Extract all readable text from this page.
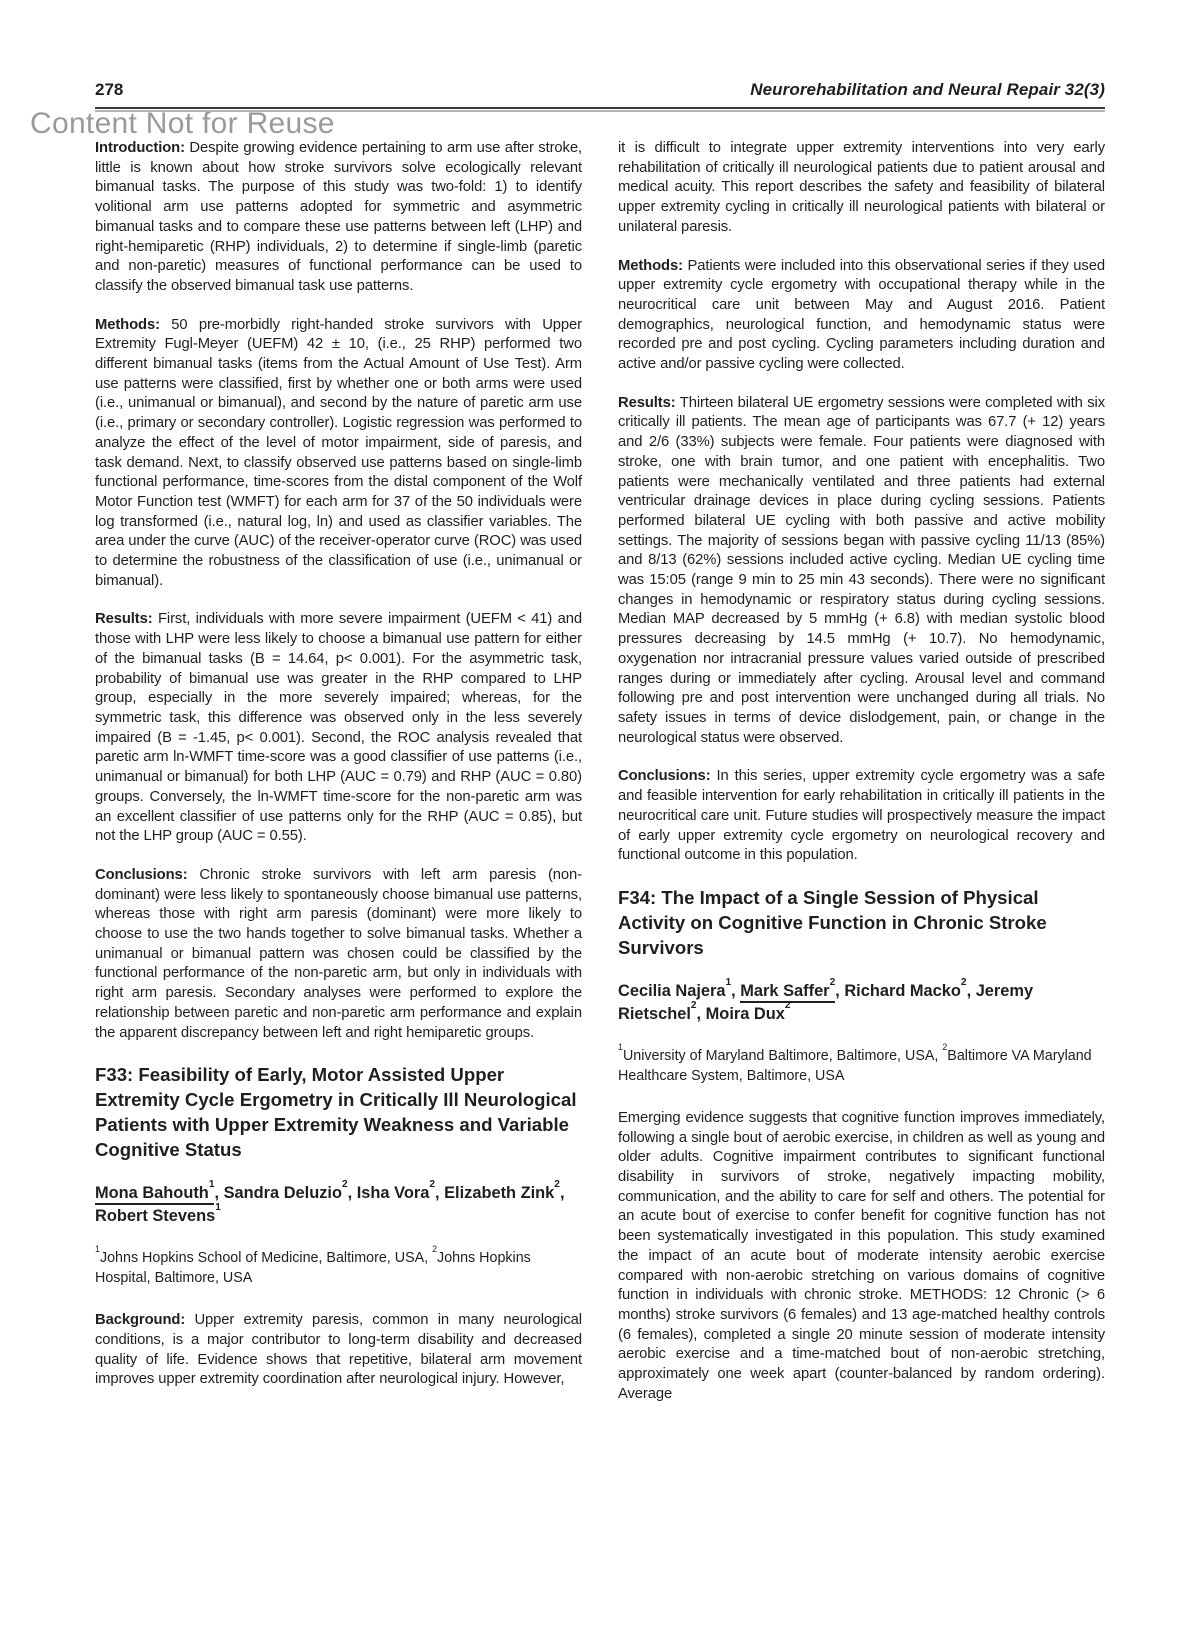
Content Not for Reuse
278	Neurorehabilitation and Neural Repair 32(3)

Introduction: Despite growing evidence pertaining to arm use after stroke, little is known about how stroke survivors solve ecologically relevant bimanual tasks. The purpose of this study was two-fold: 1) to identify volitional arm use patterns adopted for symmetric and asymmetric bimanual tasks and to compare these use patterns between left (LHP) and right-hemiparetic (RHP) individuals, 2) to determine if single-limb (paretic and non-paretic) measures of functional performance can be used to classify the observed bimanual task use patterns.

Methods: 50 pre-morbidly right-handed stroke survivors with Upper Extremity Fugl-Meyer (UEFM) 42 ± 10, (i.e., 25 RHP) performed two different bimanual tasks (items from the Actual Amount of Use Test). Arm use patterns were classified, first by whether one or both arms were used (i.e., unimanual or bimanual), and second by the nature of paretic arm use (i.e., primary or secondary controller). Logistic regression was performed to analyze the effect of the level of motor impairment, side of paresis, and task demand. Next, to classify observed use patterns based on single-limb functional performance, time-scores from the distal component of the Wolf Motor Function test (WMFT) for each arm for 37 of the 50 individuals were log transformed (i.e., natural log, ln) and used as classifier variables. The area under the curve (AUC) of the receiver-operator curve (ROC) was used to determine the robustness of the classification of use (i.e., unimanual or bimanual).

Results: First, individuals with more severe impairment (UEFM < 41) and those with LHP were less likely to choose a bimanual use pattern for either of the bimanual tasks (B = 14.64, p< 0.001). For the asymmetric task, probability of bimanual use was greater in the RHP compared to LHP group, especially in the more severely impaired; whereas, for the symmetric task, this difference was observed only in the less severely impaired (B = -1.45, p< 0.001). Second, the ROC analysis revealed that paretic arm ln-WMFT time-score was a good classifier of use patterns (i.e., unimanual or bimanual) for both LHP (AUC = 0.79) and RHP (AUC = 0.80) groups. Conversely, the ln-WMFT time-score for the non-paretic arm was an excellent classifier of use patterns only for the RHP (AUC = 0.85), but not the LHP group (AUC = 0.55).

Conclusions: Chronic stroke survivors with left arm paresis (non-dominant) were less likely to spontaneously choose bimanual use patterns, whereas those with right arm paresis (dominant) were more likely to choose to use the two hands together to solve bimanual tasks. Whether a unimanual or bimanual pattern was chosen could be classified by the functional performance of the non-paretic arm, but only in individuals with right arm paresis. Secondary analyses were performed to explore the relationship between paretic and non-paretic arm performance and explain the apparent discrepancy between left and right hemiparetic groups.

F33: Feasibility of Early, Motor Assisted Upper Extremity Cycle Ergometry in Critically Ill Neurological Patients with Upper Extremity Weakness and Variable Cognitive Status

Mona Bahouth$^1$, Sandra Deluzio$^2$, Isha Vora$^2$, Elizabeth Zink$^2$, Robert Stevens$^1$

$^1$Johns Hopkins School of Medicine, Baltimore, USA, $^2$Johns Hopkins Hospital, Baltimore, USA

Background: Upper extremity paresis, common in many neurological conditions, is a major contributor to long-term disability and decreased quality of life. Evidence shows that repetitive, bilateral arm movement improves upper extremity coordination after neurological injury. However,

it is difficult to integrate upper extremity interventions into very early rehabilitation of critically ill neurological patients due to patient arousal and medical acuity. This report describes the safety and feasibility of bilateral upper extremity cycling in critically ill neurological patients with bilateral or unilateral paresis.

Methods: Patients were included into this observational series if they used upper extremity cycle ergometry with occupational therapy while in the neurocritical care unit between May and August 2016. Patient demographics, neurological function, and hemodynamic status were recorded pre and post cycling. Cycling parameters including duration and active and/or passive cycling were collected.

Results: Thirteen bilateral UE ergometry sessions were completed with six critically ill patients. The mean age of participants was 67.7 (+ 12) years and 2/6 (33%) subjects were female. Four patients were diagnosed with stroke, one with brain tumor, and one patient with encephalitis. Two patients were mechanically ventilated and three patients had external ventricular drainage devices in place during cycling sessions. Patients performed bilateral UE cycling with both passive and active mobility settings. The majority of sessions began with passive cycling 11/13 (85%) and 8/13 (62%) sessions included active cycling. Median UE cycling time was 15:05 (range 9 min to 25 min 43 seconds). There were no significant changes in hemodynamic or respiratory status during cycling sessions. Median MAP decreased by 5 mmHg (+ 6.8) with median systolic blood pressures decreasing by 14.5 mmHg (+ 10.7). No hemodynamic, oxygenation nor intracranial pressure values varied outside of prescribed ranges during or immediately after cycling. Arousal level and command following pre and post intervention were unchanged during all trials. No safety issues in terms of device dislodgement, pain, or change in the neurological status were observed.

Conclusions: In this series, upper extremity cycle ergometry was a safe and feasible intervention for early rehabilitation in critically ill patients in the neurocritical care unit. Future studies will prospectively measure the impact of early upper extremity cycle ergometry on neurological recovery and functional outcome in this population.

F34: The Impact of a Single Session of Physical Activity on Cognitive Function in Chronic Stroke Survivors

Cecilia Najera$^1$, Mark Saffer$^2$, Richard Macko$^2$, Jeremy Rietschel$^2$, Moira Dux$^2$

$^1$University of Maryland Baltimore, Baltimore, USA, $^2$Baltimore VA Maryland Healthcare System, Baltimore, USA

Emerging evidence suggests that cognitive function improves immediately, following a single bout of aerobic exercise, in children as well as young and older adults. Cognitive impairment contributes to significant functional disability in survivors of stroke, negatively impacting mobility, communication, and the ability to care for self and others. The potential for an acute bout of exercise to confer benefit for cognitive function has not been systematically investigated in this population. This study examined the impact of an acute bout of moderate intensity aerobic exercise compared with non-aerobic stretching on various domains of cognitive function in individuals with chronic stroke. METHODS: 12 Chronic (> 6 months) stroke survivors (6 females) and 13 age-matched healthy controls (6 females), completed a single 20 minute session of moderate intensity aerobic exercise and a time-matched bout of non-aerobic stretching, approximately one week apart (counter-balanced by random ordering). Average
